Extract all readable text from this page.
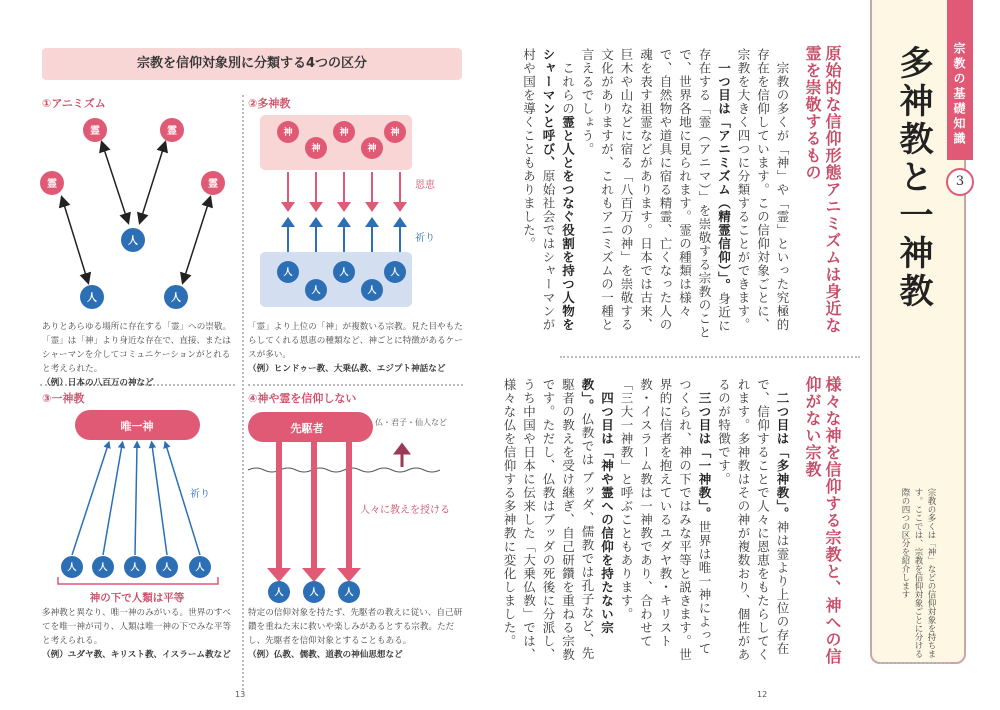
宗教を信仰対象別に分類する4つの区分
①アニミズム
霊	霊
霊	霊
人
人	人
ありとあらゆる場所に存在する「霊」への崇敬。「霊」は「神」より身近な存在で、直接、またはシャーマンを介してコミュニケーションがとれると考えられた。
（例）日本の八百万の神など
②多神教
神
神
神
神
神
人
人
人
人
人
恩恵
祈り
「霊」より上位の「神」が複数いる宗教。見た目やもたらしてくれる恩恵の種類など、神ごとに特徴があるケースが多い。
（例）ヒンドゥー教、大乗仏教、エジプト神話など
③一神教
唯一神
祈り
人 人	人	人	人
神の下で人類は平等
多神教と異なり、唯一神のみがいる。世界のすべてを唯一神が司り、人類は唯一神の下でみな平等と考えられる。
（例）ユダヤ教、キリスト教、イスラーム教など
④神や霊を信仰しない
先駆者	仏・君子・仙人など
人々に教えを授ける
人	人	人
特定の信仰対象を持たず、先駆者の教えに従い、自己研鑽を重ねた末に救いや楽しみがあるとする宗教。ただし、先駆者を信仰対象とすることもある。
（例）仏教、儒教、道教の神仙思想など
13
宗教の基礎知識
3
多神教と一神教
宗教の多くは「神」などの信仰対象を持ちます。ここでは、宗教を信仰対象ごとに分ける際の四つの区分を紹介します
原始的な信仰形態アニミズムは身近な霊を崇敬するもの

　宗教の多くが「神」や「霊」といった究極的存在を信仰しています。この信仰対象ごとに、宗教を大きく四つに分類することができます。

　一つ目は「アニミズム（精霊信仰）」。身近に存在する「霊（アニマ）」を崇敬する宗教のことで、世界各地に見られます。霊の種類は様々で、自然物や道具に宿る精霊、亡くなった人の魂を表す祖霊などがあります。日本では古来、巨木や山などに宿る「八百万の神」を崇敬する文化がありますが、これもアニミズムの一種と言えるでしょう。

　これらの霊と人とをつなぐ役割を持つ人物をシャーマンと呼び、原始社会ではシャーマンが村や国を導くこともありました。

様々な神を信仰する宗教と、神への信仰がない宗教

　二つ目は「多神教」。神は霊より上位の存在で、信仰することで人々に恩恵をもたらしてくれます。多神教はその神が複数おり、個性があるのが特徴です。

　三つ目は「一神教」。世界は唯一神によってつくられ、神の下ではみな平等と説きます。世界的に信者を抱えているユダヤ教・キリスト教・イスラーム教は一神教であり、合わせて「三大一神教」と呼ぶこともあります。

　四つ目は「神や霊への信仰を持たない宗教」。仏教では ブッダ、儒教では孔子など、先駆者の教えを受け継ぎ、自己研鑽を重ねる宗教です。ただし、仏教はブッダの死後に分派し、うち中国や日本に伝来した「大乗仏教」では、様々な仏を信仰する多神教に変化しました。

12
